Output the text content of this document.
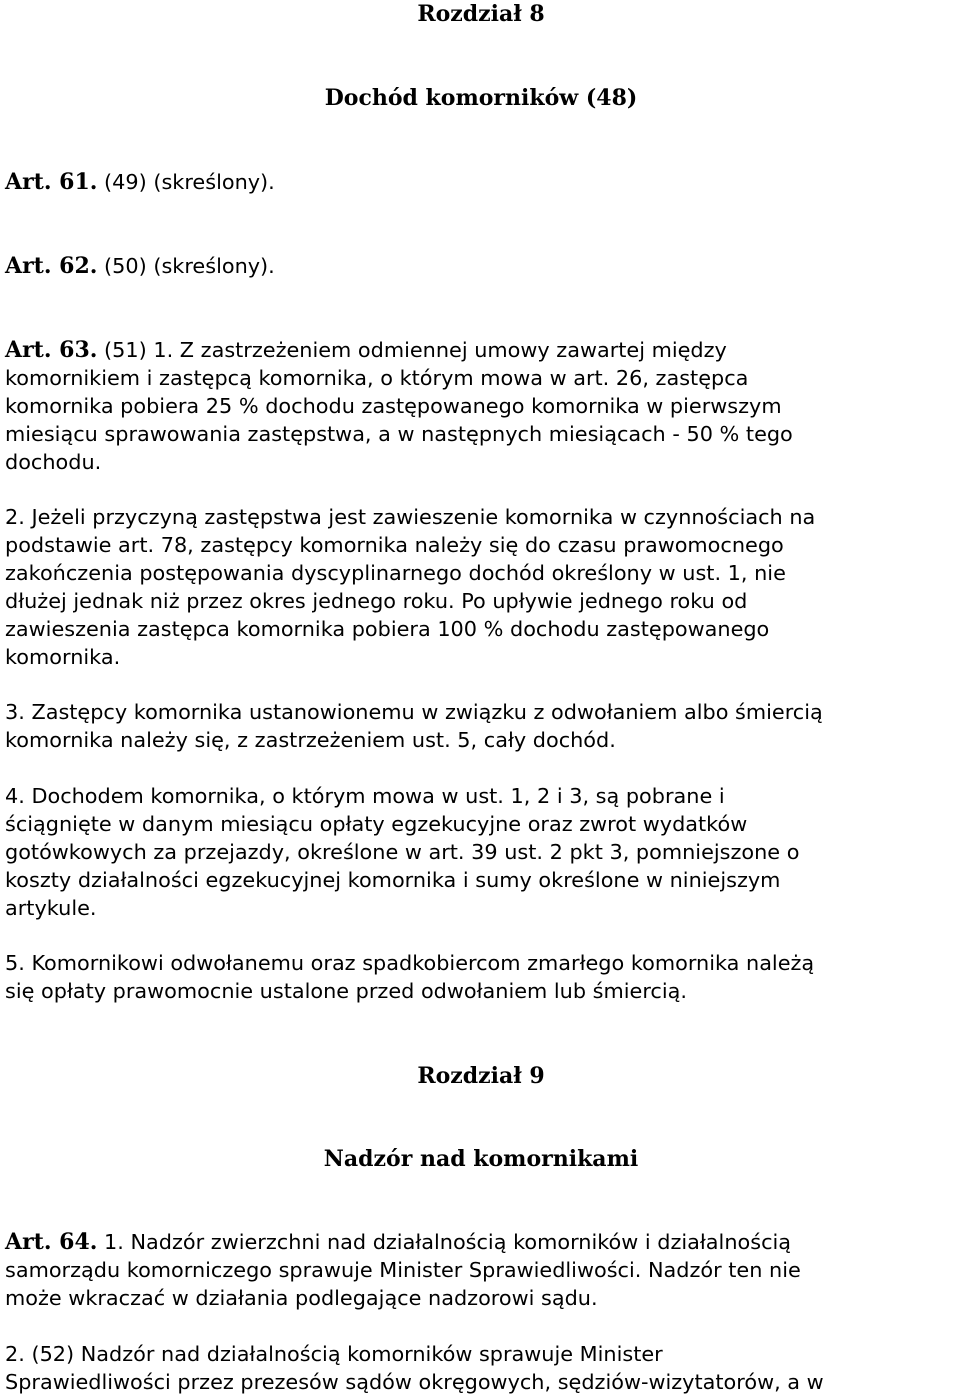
Rozdział 8
Dochód komorników (48)

Art. 61. (49) (skreślony).

Art. 62. (50) (skreślony).

Art. 63. (51) 1. Z zastrzeżeniem odmiennej umowy zawartej między
komornikiem i zastępcą komornika, o którym mowa w art. 26, zastępca
komornika pobiera 25 % dochodu zastępowanego komornika w pierwszym
miesiącu sprawowania zastępstwa, a w następnych miesiącach - 50 % tego
dochodu.

2. Jeżeli przyczyną zastępstwa jest zawieszenie komornika w czynnościach na
podstawie art. 78, zastępcy komornika należy się do czasu prawomocnego
zakończenia postępowania dyscyplinarnego dochód określony w ust. 1, nie
dłużej jednak niż przez okres jednego roku. Po upływie jednego roku od
zawieszenia zastępca komornika pobiera 100 % dochodu zastępowanego
komornika.

3. Zastępcy komornika ustanowionemu w związku z odwołaniem albo śmiercią
komornika należy się, z zastrzeżeniem ust. 5, cały dochód.

4. Dochodem komornika, o którym mowa w ust. 1, 2 i 3, są pobrane i
ściągnięte w danym miesiącu opłaty egzekucyjne oraz zwrot wydatków
gotówkowych za przejazdy, określone w art. 39 ust. 2 pkt 3, pomniejszone o
koszty działalności egzekucyjnej komornika i sumy określone w niniejszym
artykule.

5. Komornikowi odwołanemu oraz spadkobiercom zmarłego komornika należą
się opłaty prawomocnie ustalone przed odwołaniem lub śmiercią.

Rozdział 9
Nadzór nad komornikami

Art. 64. 1. Nadzór zwierzchni nad działalnością komorników i działalnością
samorządu komorniczego sprawuje Minister Sprawiedliwości. Nadzór ten nie
może wkraczać w działania podlegające nadzorowi sądu.

2. (52) Nadzór nad działalnością komorników sprawuje Minister
Sprawiedliwości przez prezesów sądów okręgowych, sędziów-wizytatorów, a w
